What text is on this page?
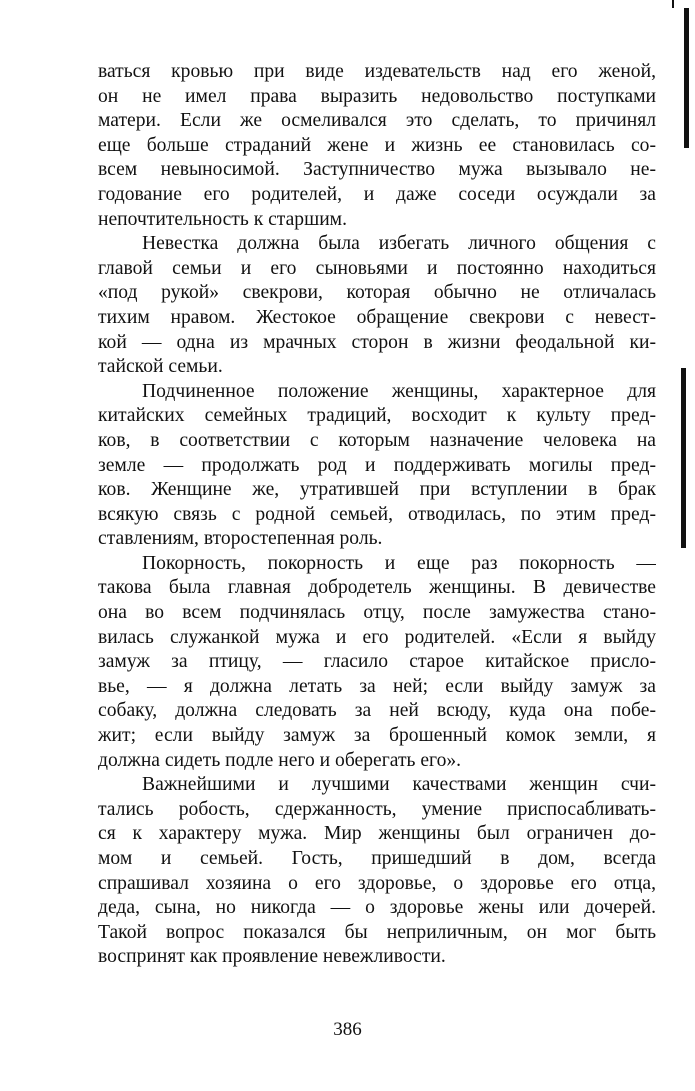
ваться кровью при виде издевательств над его женой,
он не имел права выразить недовольство поступками
матери. Если же осмеливался это сделать, то причинял
еще больше страданий жене и жизнь ее становилась со-
всем невыносимой. Заступничество мужа вызывало не-
годование его родителей, и даже соседи осуждали за
непочтительность к старшим.
Невестка должна была избегать личного общения с
главой семьи и его сыновьями и постоянно находиться
«под рукой» свекрови, которая обычно не отличалась
тихим нравом. Жестокое обращение свекрови с невест-
кой — одна из мрачных сторон в жизни феодальной ки-
тайской семьи.
Подчиненное положение женщины, характерное для
китайских семейных традиций, восходит к культу пред-
ков, в соответствии с которым назначение человека на
земле — продолжать род и поддерживать могилы пред-
ков. Женщине же, утратившей при вступлении в брак
всякую связь с родной семьей, отводилась, по этим пред-
ставлениям, второстепенная роль.
Покорность, покорность и еще раз покорность —
такова была главная добродетель женщины. В девичестве
она во всем подчинялась отцу, после замужества стано-
вилась служанкой мужа и его родителей. «Если я выйду
замуж за птицу, — гласило старое китайское присло-
вье, — я должна летать за ней; если выйду замуж за
собаку, должна следовать за ней всюду, куда она побе-
жит; если выйду замуж за брошенный комок земли, я
должна сидеть подле него и оберегать его».
Важнейшими и лучшими качествами женщин счи-
тались робость, сдержанность, умение приспосабливать-
ся к характеру мужа. Мир женщины был ограничен до-
мом и семьей. Гость, пришедший в дом, всегда
спрашивал хозяина о его здоровье, о здоровье его отца,
деда, сына, но никогда — о здоровье жены или дочерей.
Такой вопрос показался бы неприличным, он мог быть
воспринят как проявление невежливости.
386
